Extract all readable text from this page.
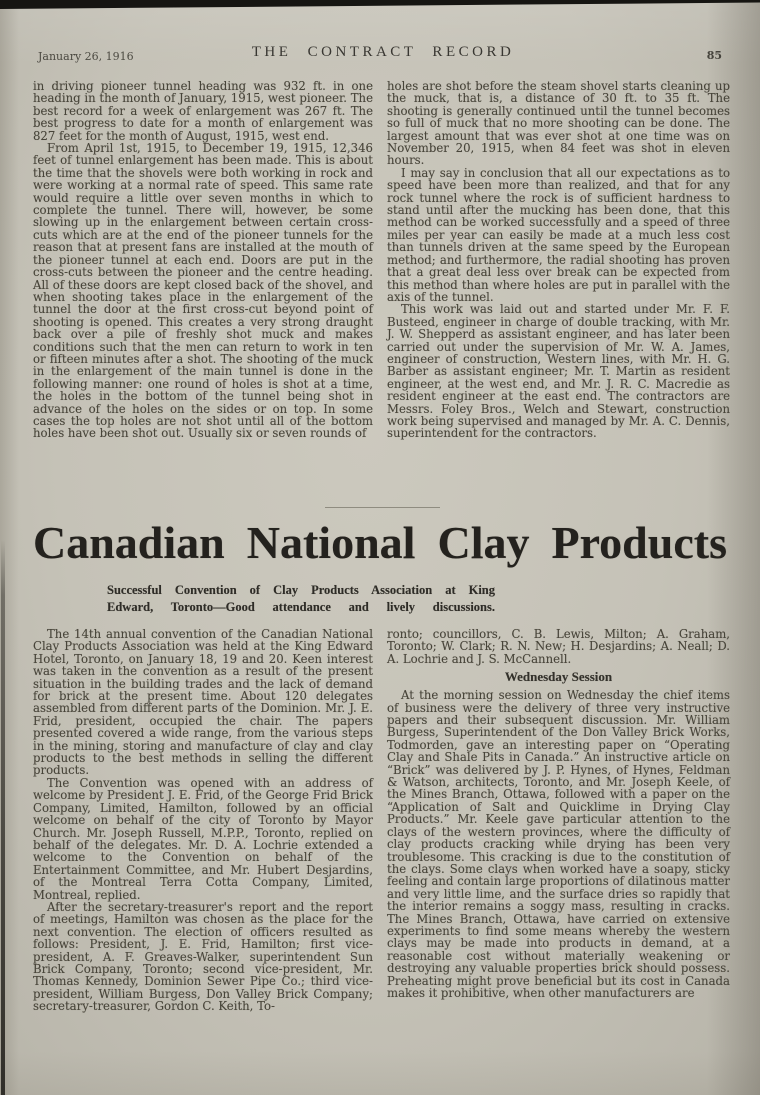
January 26, 1916	THE CONTRACT RECORD	85

in driving pioneer tunnel heading was 932 ft. in one heading in the month of January, 1915, west pioneer. The best record for a week of enlargement was 267 ft. The best progress to date for a month of enlargement was 827 feet for the month of August, 1915, west end.

From April 1st, 1915, to December 19, 1915, 12,346 feet of tunnel enlargement has been made. This is about the time that the shovels were both working in rock and were working at a normal rate of speed. This same rate would require a little over seven months in which to complete the tunnel. There will, however, be some slowing up in the enlargement between certain cross-cuts which are at the end of the pioneer tunnels for the reason that at present fans are installed at the mouth of the pioneer tunnel at each end. Doors are put in the cross-cuts between the pioneer and the centre heading. All of these doors are kept closed back of the shovel, and when shooting takes place in the enlargement of the tunnel the door at the first cross-cut beyond point of shooting is opened. This creates a very strong draught back over a pile of freshly shot muck and makes conditions such that the men can return to work in ten or fifteen minutes after a shot. The shooting of the muck in the enlargement of the main tunnel is done in the following manner: one round of holes is shot at a time, the holes in the bottom of the tunnel being shot in advance of the holes on the sides or on top. In some cases the top holes are not shot until all of the bottom holes have been shot out. Usually six or seven rounds of

holes are shot before the steam shovel starts cleaning up the muck, that is, a distance of 30 ft. to 35 ft. The shooting is generally continued until the tunnel becomes so full of muck that no more shooting can be done. The largest amount that was ever shot at one time was on November 20, 1915, when 84 feet was shot in eleven hours.

I may say in conclusion that all our expectations as to speed have been more than realized, and that for any rock tunnel where the rock is of sufficient hardness to stand until after the mucking has been done, that this method can be worked successfully and a speed of three miles per year can easily be made at a much less cost than tunnels driven at the same speed by the European method; and furthermore, the radial shooting has proven that a great deal less over break can be expected from this method than where holes are put in parallel with the axis of the tunnel.

This work was laid out and started under Mr. F. F. Busteed, engineer in charge of double tracking, with Mr. J. W. Shepperd as assistant engineer, and has later been carried out under the supervision of Mr. W. A. James, engineer of construction, Western lines, with Mr. H. G. Barber as assistant engineer; Mr. T. Martin as resident engineer, at the west end, and Mr. J. R. C. Macredie as resident engineer at the east end. The contractors are Messrs. Foley Bros., Welch and Stewart, construction work being supervised and managed by Mr. A. C. Dennis, superintendent for the contractors.

Canadian National Clay Products
Successful Convention of Clay Products Association at King
Edward, Toronto—Good attendance and lively discussions.

The 14th annual convention of the Canadian National Clay Products Association was held at the King Edward Hotel, Toronto, on January 18, 19 and 20. Keen interest was taken in the convention as a result of the present situation in the building trades and the lack of demand for brick at the present time. About 120 delegates assembled from different parts of the Dominion. Mr. J. E. Frid, president, occupied the chair. The papers presented covered a wide range, from the various steps in the mining, storing and manufacture of clay and clay products to the best methods in selling the different products.

The Convention was opened with an address of welcome by President J. E. Frid, of the George Frid Brick Company, Limited, Hamilton, followed by an official welcome on behalf of the city of Toronto by Mayor Church. Mr. Joseph Russell, M.P.P., Toronto, replied on behalf of the delegates. Mr. D. A. Lochrie extended a welcome to the Convention on behalf of the Entertainment Committee, and Mr. Hubert Desjardins, of the Montreal Terra Cotta Company, Limited, Montreal, replied.

After the secretary-treasurer's report and the report of meetings, Hamilton was chosen as the place for the next convention. The election of officers resulted as follows: President, J. E. Frid, Hamilton; first vice-president, A. F. Greaves-Walker, superintendent Sun Brick Company, Toronto; second vice-president, Mr. Thomas Kennedy, Dominion Sewer Pipe Co.; third vice-president, William Burgess, Don Valley Brick Company; secretary-treasurer, Gordon C. Keith, To-

ronto; councillors, C. B. Lewis, Milton; A. Graham, Toronto; W. Clark; R. N. New; H. Desjardins; A. Neall; D. A. Lochrie and J. S. McCannell.

Wednesday Session

At the morning session on Wednesday the chief items of business were the delivery of three very instructive papers and their subsequent discussion. Mr. William Burgess, Superintendent of the Don Valley Brick Works, Todmorden, gave an interesting paper on “Operating Clay and Shale Pits in Canada.” An instructive article on “Brick” was delivered by J. P. Hynes, of Hynes, Feldman & Watson, architects, Toronto, and Mr. Joseph Keele, of the Mines Branch, Ottawa, followed with a paper on the “Application of Salt and Quicklime in Drying Clay Products.” Mr. Keele gave particular attention to the clays of the western provinces, where the difficulty of clay products cracking while drying has been very troublesome. This cracking is due to the constitution of the clays. Some clays when worked have a soapy, sticky feeling and contain large proportions of dilatinous matter and very little lime, and the surface dries so rapidly that the interior remains a soggy mass, resulting in cracks. The Mines Branch, Ottawa, have carried on extensive experiments to find some means whereby the western clays may be made into products in demand, at a reasonable cost without materially weakening or destroying any valuable properties brick should possess. Preheating might prove beneficial but its cost in Canada makes it prohibitive, when other manufacturers are
